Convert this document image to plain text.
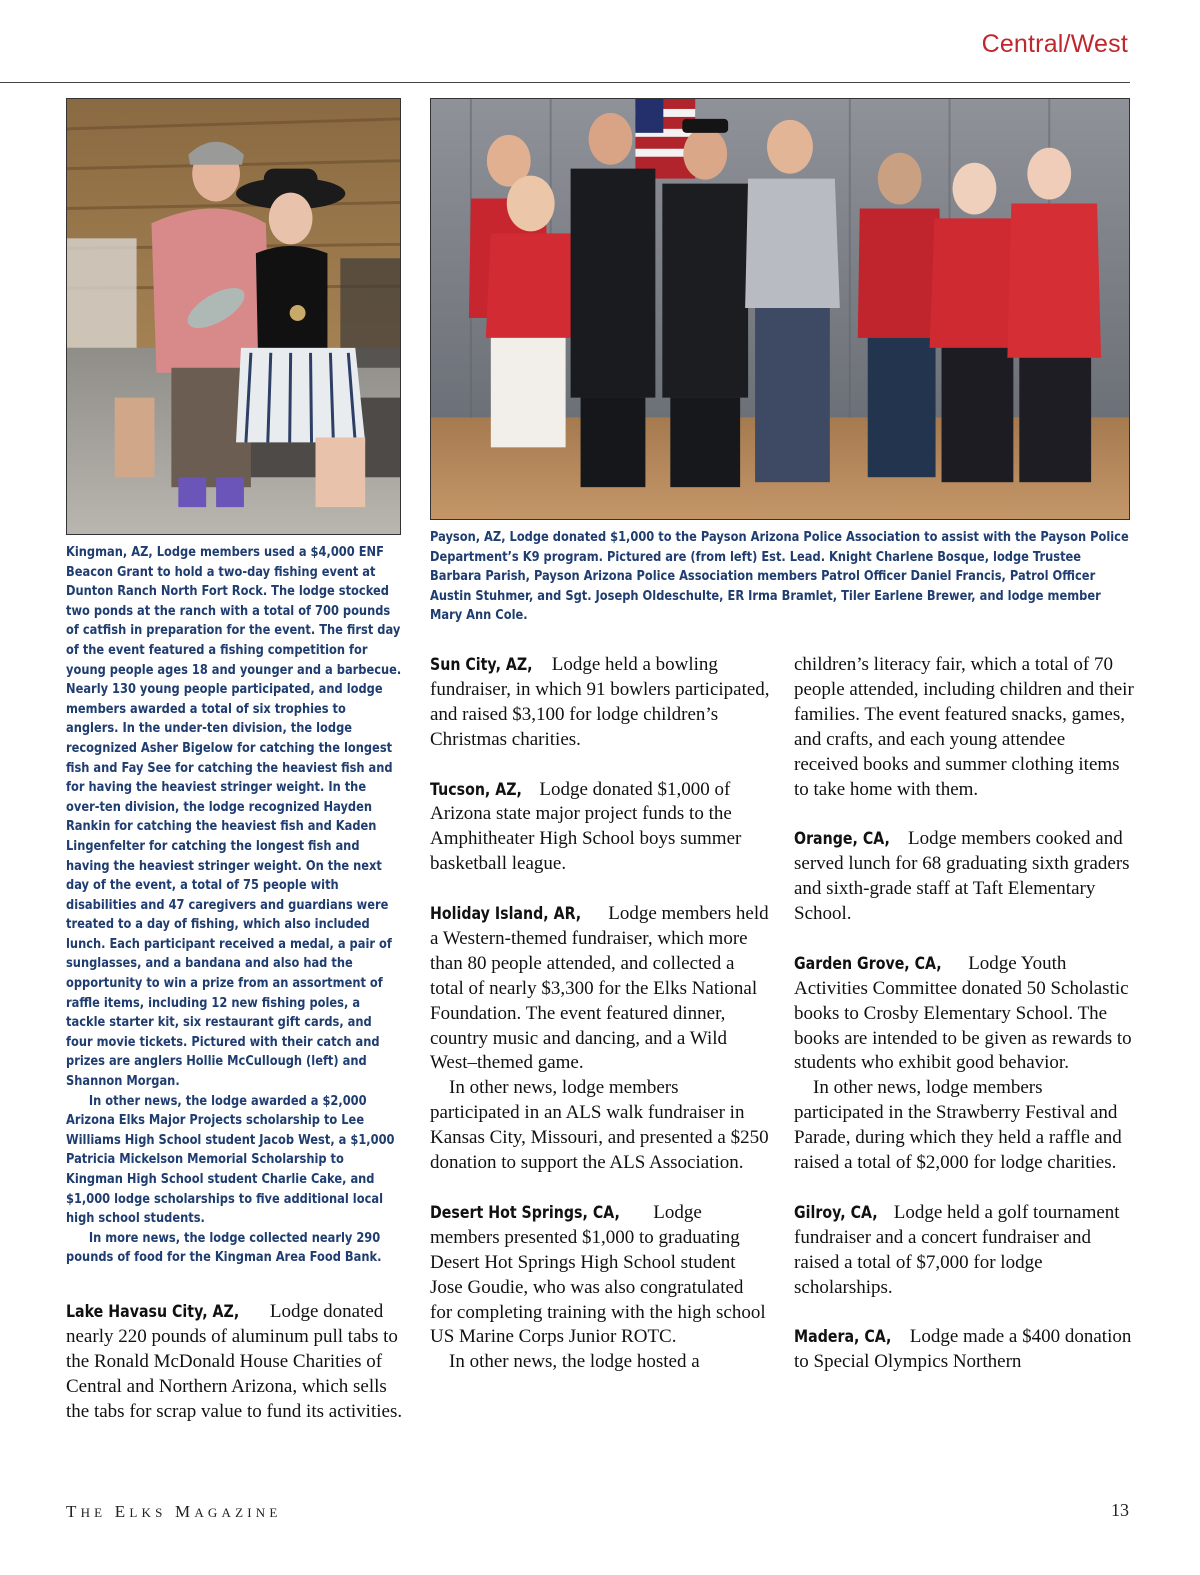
Central/West

Kingman, AZ, Lodge members used a $4,000 ENF Beacon Grant to hold a two-day fishing event at Dunton Ranch North Fort Rock. The lodge stocked two ponds at the ranch with a total of 700 pounds of catfish in preparation for the event. The first day of the event featured a fishing competition for young people ages 18 and younger and a barbecue. Nearly 130 young people participated, and lodge members awarded a total of six trophies to anglers. In the under-ten division, the lodge recognized Asher Bigelow for catching the longest fish and Fay See for catching the heaviest fish and for having the heaviest stringer weight. In the over-ten division, the lodge recognized Hayden Rankin for catching the heaviest fish and Kaden Lingenfelter for catching the longest fish and having the heaviest stringer weight. On the next day of the event, a total of 75 people with disabilities and 47 caregivers and guardians were treated to a day of fishing, which also included lunch. Each participant received a medal, a pair of sunglasses, and a bandana and also had the opportunity to win a prize from an assortment of raffle items, including 12 new fishing poles, a tackle starter kit, six restaurant gift cards, and four movie tickets. Pictured with their catch and prizes are anglers Hollie McCullough (left) and Shannon Morgan.

In other news, the lodge awarded a $2,000 Arizona Elks Major Projects scholarship to Lee Williams High School student Jacob West, a $1,000 Patricia Mickelson Memorial Scholarship to Kingman High School student Charlie Cake, and $1,000 lodge scholarships to five additional local high school students.

In more news, the lodge collected nearly 290 pounds of food for the Kingman Area Food Bank.

Payson, AZ, Lodge donated $1,000 to the Payson Arizona Police Association to assist with the Payson Police Department’s K9 program. Pictured are (from left) Est. Lead. Knight Charlene Bosque, lodge Trustee Barbara Parish, Payson Arizona Police Association members Patrol Officer Daniel Francis, Patrol Officer Austin Stuhmer, and Sgt. Joseph Oldeschulte, ER Irma Bramlet, Tiler Earlene Brewer, and lodge member Mary Ann Cole.

Lake Havasu City, AZ, Lodge donated nearly 220 pounds of aluminum pull tabs to the Ronald McDonald House Charities of Central and Northern Arizona, which sells the tabs for scrap value to fund its activities.

Sun City, AZ, Lodge held a bowling fundraiser, in which 91 bowlers participated, and raised $3,100 for lodge children’s Christmas charities.

Tucson, AZ, Lodge donated $1,000 of Arizona state major project funds to the Amphitheater High School boys summer basketball league.

Holiday Island, AR, Lodge members held a Western-themed fundraiser, which more than 80 people attended, and collected a total of nearly $3,300 for the Elks National Foundation. The event featured dinner, country music and dancing, and a Wild West–themed game.

In other news, lodge members participated in an ALS walk fundraiser in Kansas City, Missouri, and presented a $250 donation to support the ALS Association.

Desert Hot Springs, CA, Lodge members presented $1,000 to graduating Desert Hot Springs High School student Jose Goudie, who was also congratulated for completing training with the high school US Marine Corps Junior ROTC.

In other news, the lodge hosted a

children’s literacy fair, which a total of 70 people attended, including children and their families. The event featured snacks, games, and crafts, and each young attendee received books and summer clothing items to take home with them.

Orange, CA, Lodge members cooked and served lunch for 68 graduating sixth graders and sixth-grade staff at Taft Elementary School.

Garden Grove, CA, Lodge Youth Activities Committee donated 50 Scholastic books to Crosby Elementary School. The books are intended to be given as rewards to students who exhibit good behavior.

In other news, lodge members participated in the Strawberry Festival and Parade, during which they held a raffle and raised a total of $2,000 for lodge charities.

Gilroy, CA, Lodge held a golf tournament fundraiser and a concert fundraiser and raised a total of $7,000 for lodge scholarships.

Madera, CA, Lodge made a $400 donation to Special Olympics Northern

THE ELKS MAGAZINE	13
